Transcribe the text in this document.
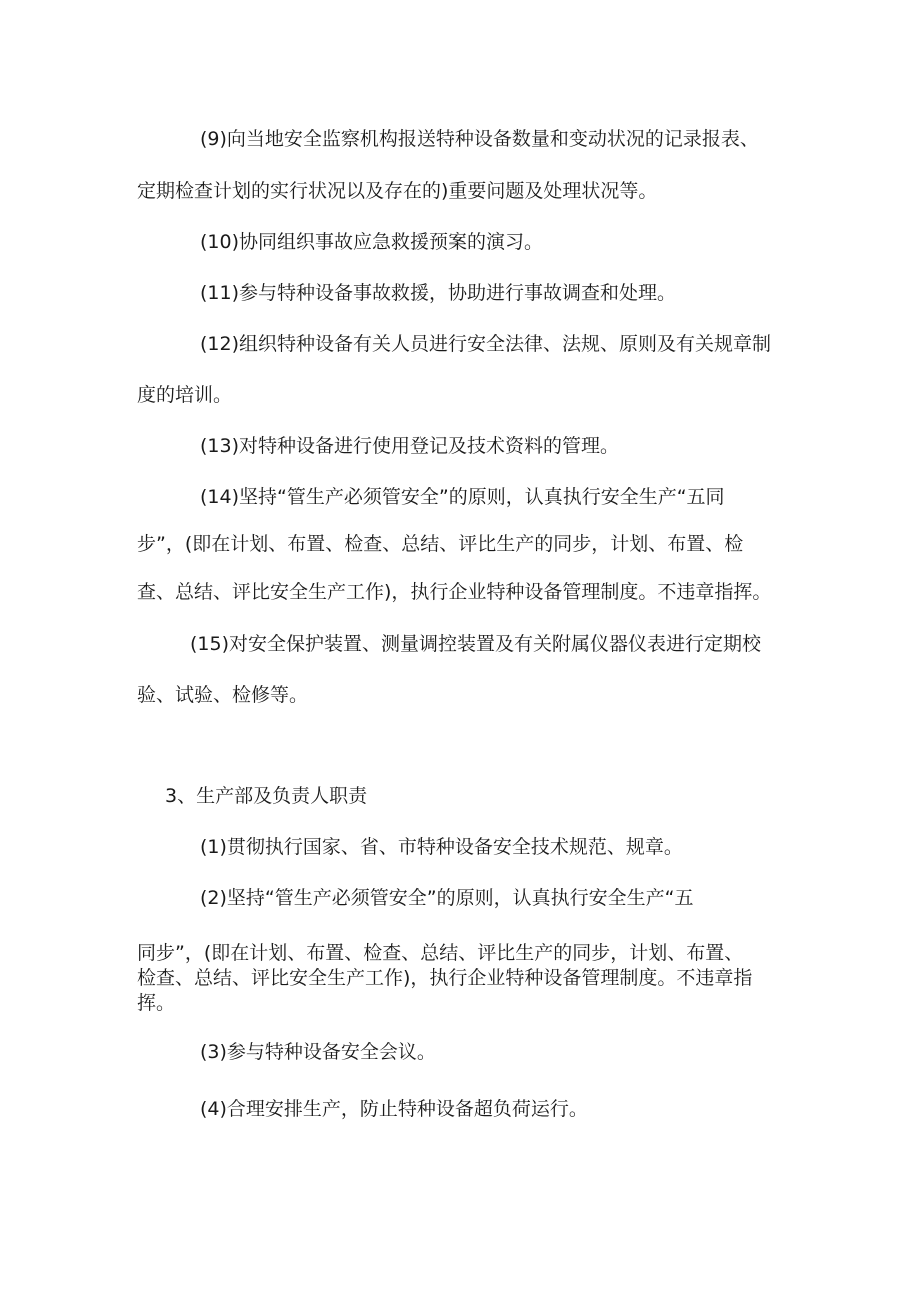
(9)向当地安全监察机构报送特种设备数量和变动状况的记录报表、

定期检查计划的实行状况以及存在的)重要问题及处理状况等。

(10)协同组织事故应急救援预案的演习。

(11)参与特种设备事故救援，协助进行事故调查和处理。

(12)组织特种设备有关人员进行安全法律、法规、原则及有关规章制

度的培训。

(13)对特种设备进行使用登记及技术资料的管理。

(14)坚持“管生产必须管安全”的原则，认真执行安全生产“五同

步”，(即在计划、布置、检查、总结、评比生产的同步，计划、布置、检

查、总结、评比安全生产工作)，执行企业特种设备管理制度。不违章指挥。

(15)对安全保护装置、测量调控装置及有关附属仪器仪表进行定期校

验、试验、检修等。

3、生产部及负责人职责

(1)贯彻执行国家、省、市特种设备安全技术规范、规章。

(2)坚持“管生产必须管安全”的原则，认真执行安全生产“五

同步”，(即在计划、布置、检查、总结、评比生产的同步，计划、布置、

检查、总结、评比安全生产工作)，执行企业特种设备管理制度。不违章指

挥。

(3)参与特种设备安全会议。

(4)合理安排生产，防止特种设备超负荷运行。
